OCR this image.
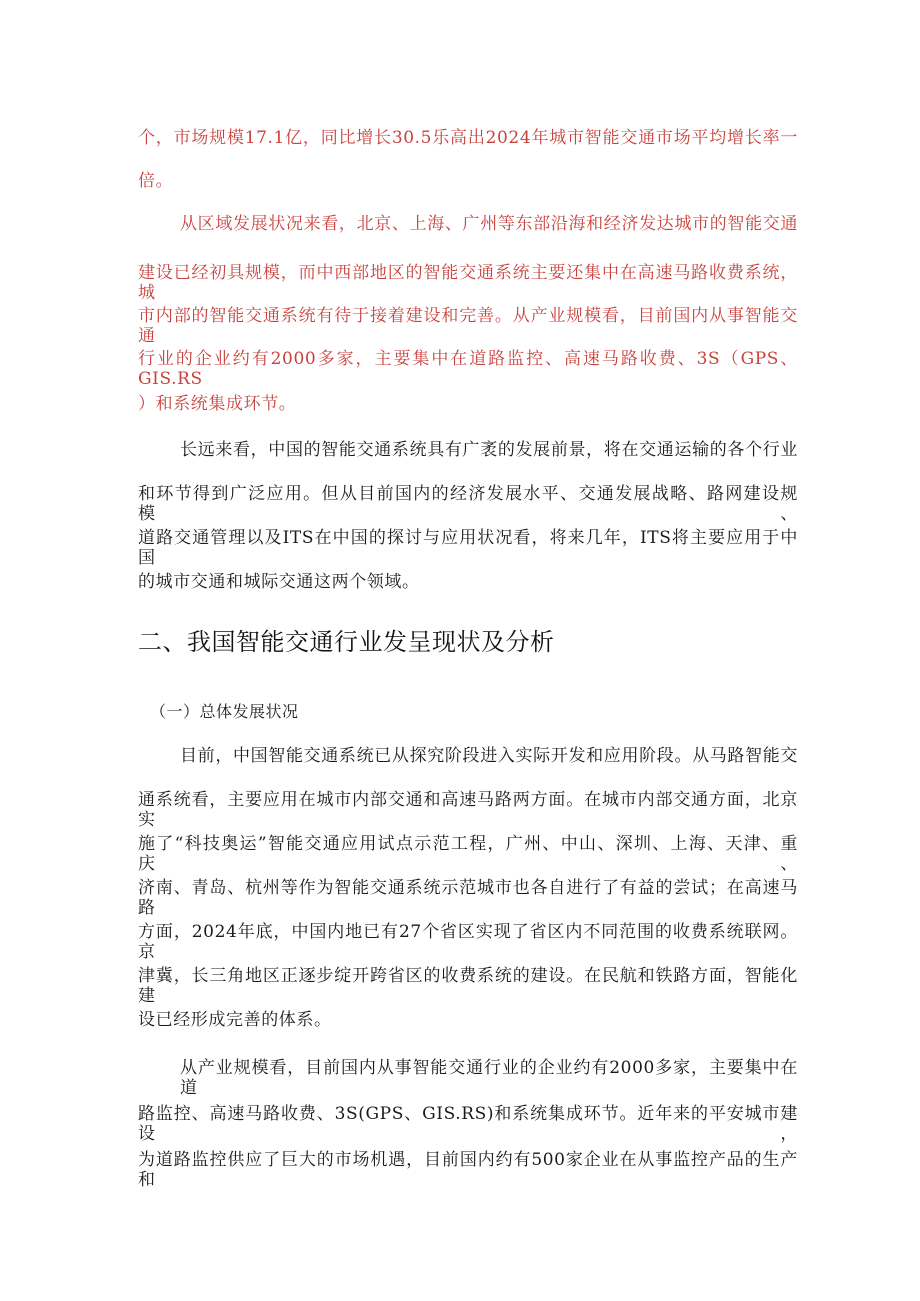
个，市场规模17.1亿，同比增长30.5乐高出2024年城市智能交通市场平均增长率一
倍。
从区域发展状况来看，北京、上海、广州等东部沿海和经济发达城市的智能交通
建设已经初具规模，而中西部地区的智能交通系统主要还集中在高速马路收费系统，城
市内部的智能交通系统有待于接着建设和完善。从产业规模看，目前国内从事智能交通
行业的企业约有2000多家，主要集中在道路监控、高速马路收费、3S（GPS、GIS.RS
）和系统集成环节。
长远来看，中国的智能交通系统具有广袤的发展前景，将在交通运输的各个行业
和环节得到广泛应用。但从目前国内的经济发展水平、交通发展战略、路网建设规模、
道路交通管理以及ITS在中国的探讨与应用状况看，将来几年，ITS将主要应用于中国
的城市交通和城际交通这两个领域。
二、我国智能交通行业发呈现状及分析
（一）总体发展状况
目前，中国智能交通系统已从探究阶段进入实际开发和应用阶段。从马路智能交
通系统看，主要应用在城市内部交通和高速马路两方面。在城市内部交通方面，北京实
施了“科技奥运”智能交通应用试点示范工程，广州、中山、深圳、上海、天津、重庆、
济南、青岛、杭州等作为智能交通系统示范城市也各自进行了有益的尝试；在高速马路
方面，2024年底，中国内地已有27个省区实现了省区内不同范围的收费系统联网。京
津冀，长三角地区正逐步绽开跨省区的收费系统的建设。在民航和铁路方面，智能化建
设已经形成完善的体系。
从产业规模看，目前国内从事智能交通行业的企业约有2000多家，主要集中在道
路监控、高速马路收费、3S(GPS、GIS.RS)和系统集成环节。近年来的平安城市建设，
为道路监控供应了巨大的市场机遇，目前国内约有500家企业在从事监控产品的生产和
